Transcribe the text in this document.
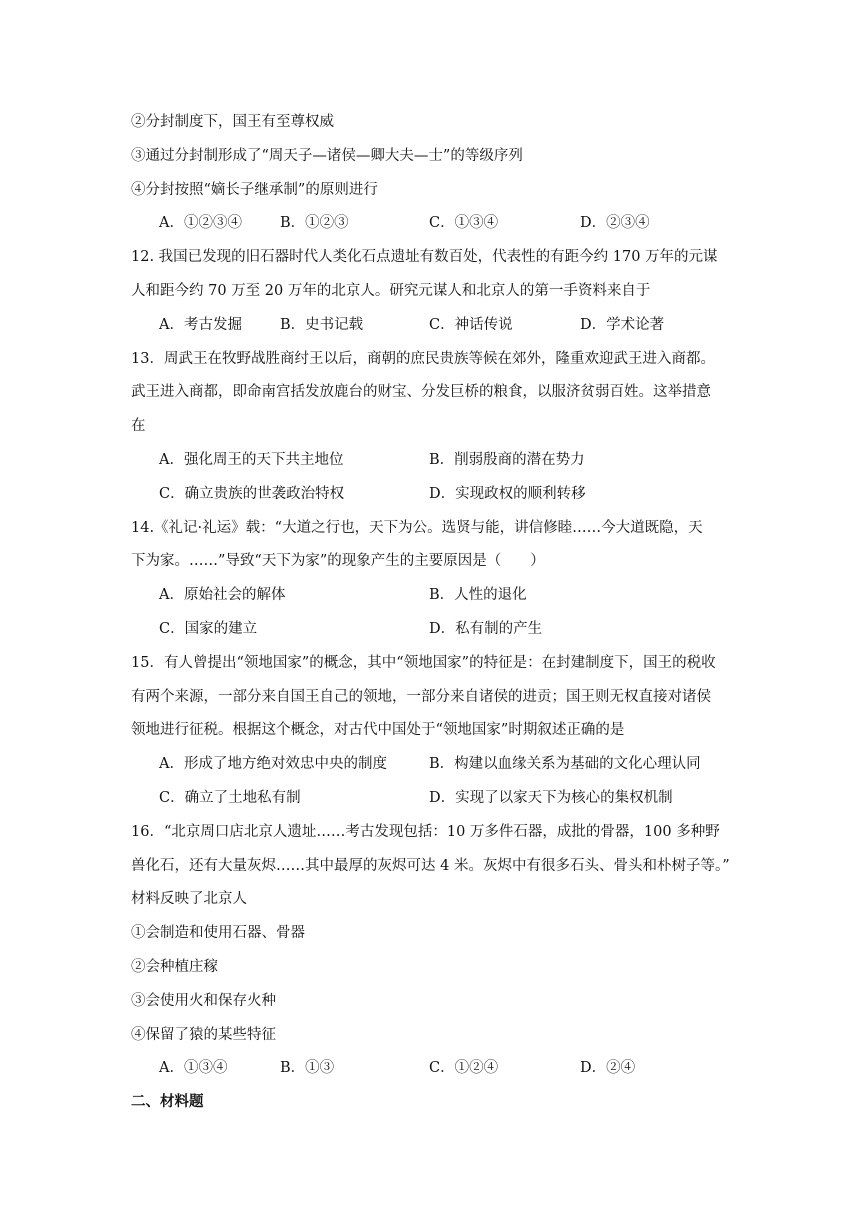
②分封制度下，国王有至尊权威
③通过分封制形成了“周天子—诸侯—卿大夫—士”的等级序列
④分封按照“嫡长子继承制”的原则进行
A．①②③④	B．①②③	C．①③④	D．②③④
12. 我国已发现的旧石器时代人类化石点遗址有数百处，代表性的有距今约 170 万年的元谋
人和距今约 70 万至 20 万年的北京人。研究元谋人和北京人的第一手资料来自于
A．考古发掘	B．史书记载	C．神话传说	D．学术论著
13．周武王在牧野战胜商纣王以后，商朝的庶民贵族等候在郊外，隆重欢迎武王进入商都。
武王进入商都，即命南宫括发放鹿台的财宝、分发巨桥的粮食，以服济贫弱百姓。这举措意
在
A．强化周王的天下共主地位	B．削弱殷商的潜在势力
C．确立贵族的世袭政治特权	D．实现政权的顺利转移
14.《礼记·礼运》载：“大道之行也，天下为公。选贤与能，讲信修睦……今大道既隐，天
下为家。……”导致“天下为家”的现象产生的主要原因是（　　）
A．原始社会的解体	B．人性的退化
C．国家的建立	D．私有制的产生
15．有人曾提出“领地国家”的概念，其中“领地国家”的特征是：在封建制度下，国王的税收
有两个来源，一部分来自国王自己的领地，一部分来自诸侯的进贡；国王则无权直接对诸侯
领地进行征税。根据这个概念，对古代中国处于“领地国家”时期叙述正确的是
A．形成了地方绝对效忠中央的制度	B．构建以血缘关系为基础的文化心理认同
C．确立了土地私有制	D．实现了以家天下为核心的集权机制
16．“北京周口店北京人遗址……考古发现包括：10 万多件石器，成批的骨器，100 多种野
兽化石，还有大量灰烬……其中最厚的灰烬可达 4 米。灰烬中有很多石头、骨头和朴树子等。”
材料反映了北京人
①会制造和使用石器、骨器
②会种植庄稼
③会使用火和保存火种
④保留了猿的某些特征
A．①③④	B．①③	C．①②④	D．②④
二、材料题
